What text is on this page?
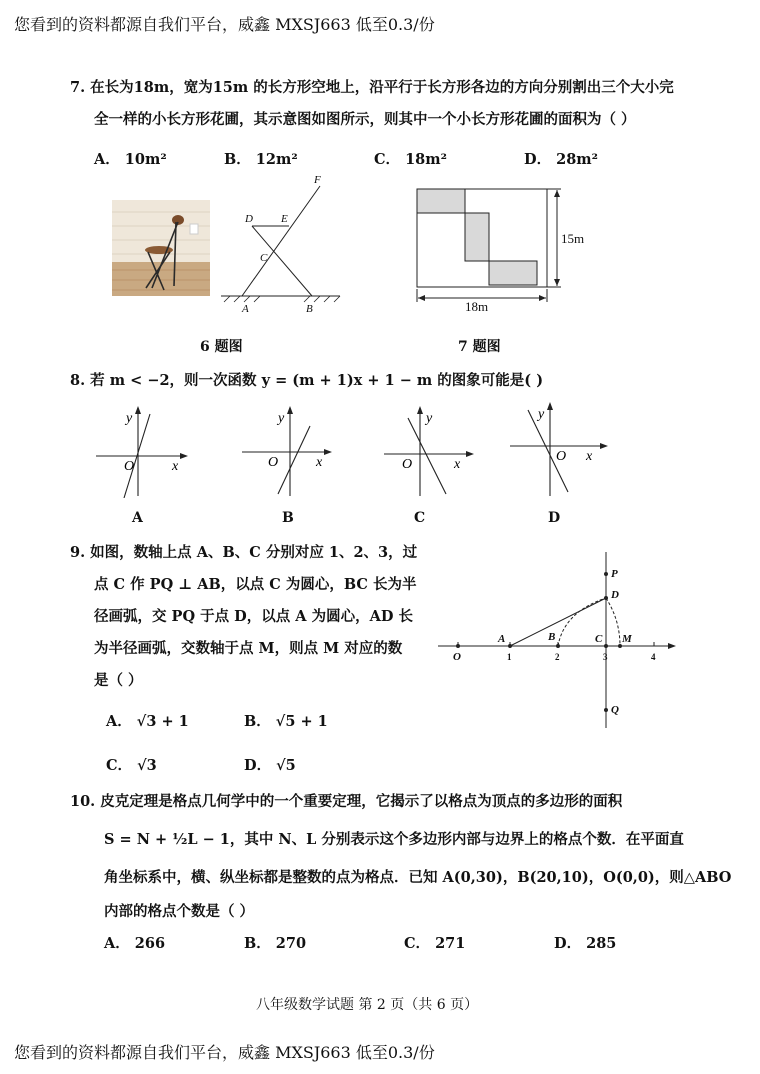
您看到的资料都源自我们平台，威鑫 MXSJ663 低至0.3/份
7. 在长为18m，宽为15m 的长方形空地上，沿平行于长方形各边的方向分别割出三个大小完
全一样的小长方形花圃，其示意图如图所示，则其中一个小长方形花圃的面积为（ ）
A． 10m²	B． 12m²	C． 18m²	D． 28m²
D	E
F
C
A	B
15m
18m
6 题图	7 题图
8. 若 m < −2，则一次函数 y = (m + 1)x + 1 − m 的图象可能是( )
x
y
O	x
y
O	x
y
O
x
y
O
A	B	C	D
9. 如图，数轴上点 A、B、C 分别对应 1、2、3，过
点 C 作 PQ ⊥ AB，以点 C 为圆心，BC 长为半
径画弧，交 PQ 于点 D，以点 A 为圆心，AD 长
为半径画弧，交数轴于点 M，则点 M 对应的数
是（ ）
A． √3 + 1	B． √5 + 1
C． √3	D． √5
P
D
A	B	C M
O
Q
1	2	3	4
10. 皮克定理是格点几何学中的一个重要定理，它揭示了以格点为顶点的多边形的面积
S = N + ½L − 1，其中 N、L 分别表示这个多边形内部与边界上的格点个数．在平面直
角坐标系中，横、纵坐标都是整数的点为格点．已知 A(0,30)，B(20,10)，O(0,0)，则△ABO
内部的格点个数是（ ）
A． 266	B． 270	C． 271	D． 285
八年级数学试题 第 2 页（共 6 页）
您看到的资料都源自我们平台，威鑫 MXSJ663 低至0.3/份
